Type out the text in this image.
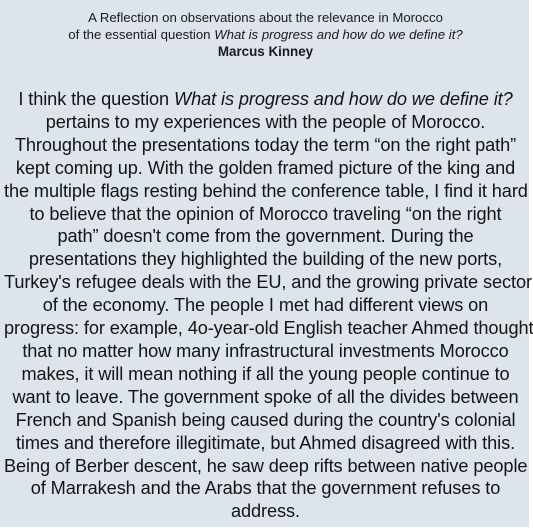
A Reflection on observations about the relevance in Morocco
of the essential question What is progress and how do we define it?
Marcus Kinney
I think the question What is progress and how do we define it?
pertains to my experiences with the people of Morocco.
Throughout the presentations today the term “on the right path”
kept coming up. With the golden framed picture of the king and
the multiple flags resting behind the conference table, I find it hard
to believe that the opinion of Morocco traveling “on the right
path” doesn't come from the government. During the
presentations they highlighted the building of the new ports,
Turkey's refugee deals with the EU, and the growing private sector
of the economy. The people I met had different views on
progress: for example, 4o-year-old English teacher Ahmed thought
that no matter how many infrastructural investments Morocco
makes, it will mean nothing if all the young people continue to
want to leave. The government spoke of all the divides between
French and Spanish being caused during the country's colonial
times and therefore illegitimate, but Ahmed disagreed with this.
Being of Berber descent, he saw deep rifts between native people
of Marrakesh and the Arabs that the government refuses to
address.
